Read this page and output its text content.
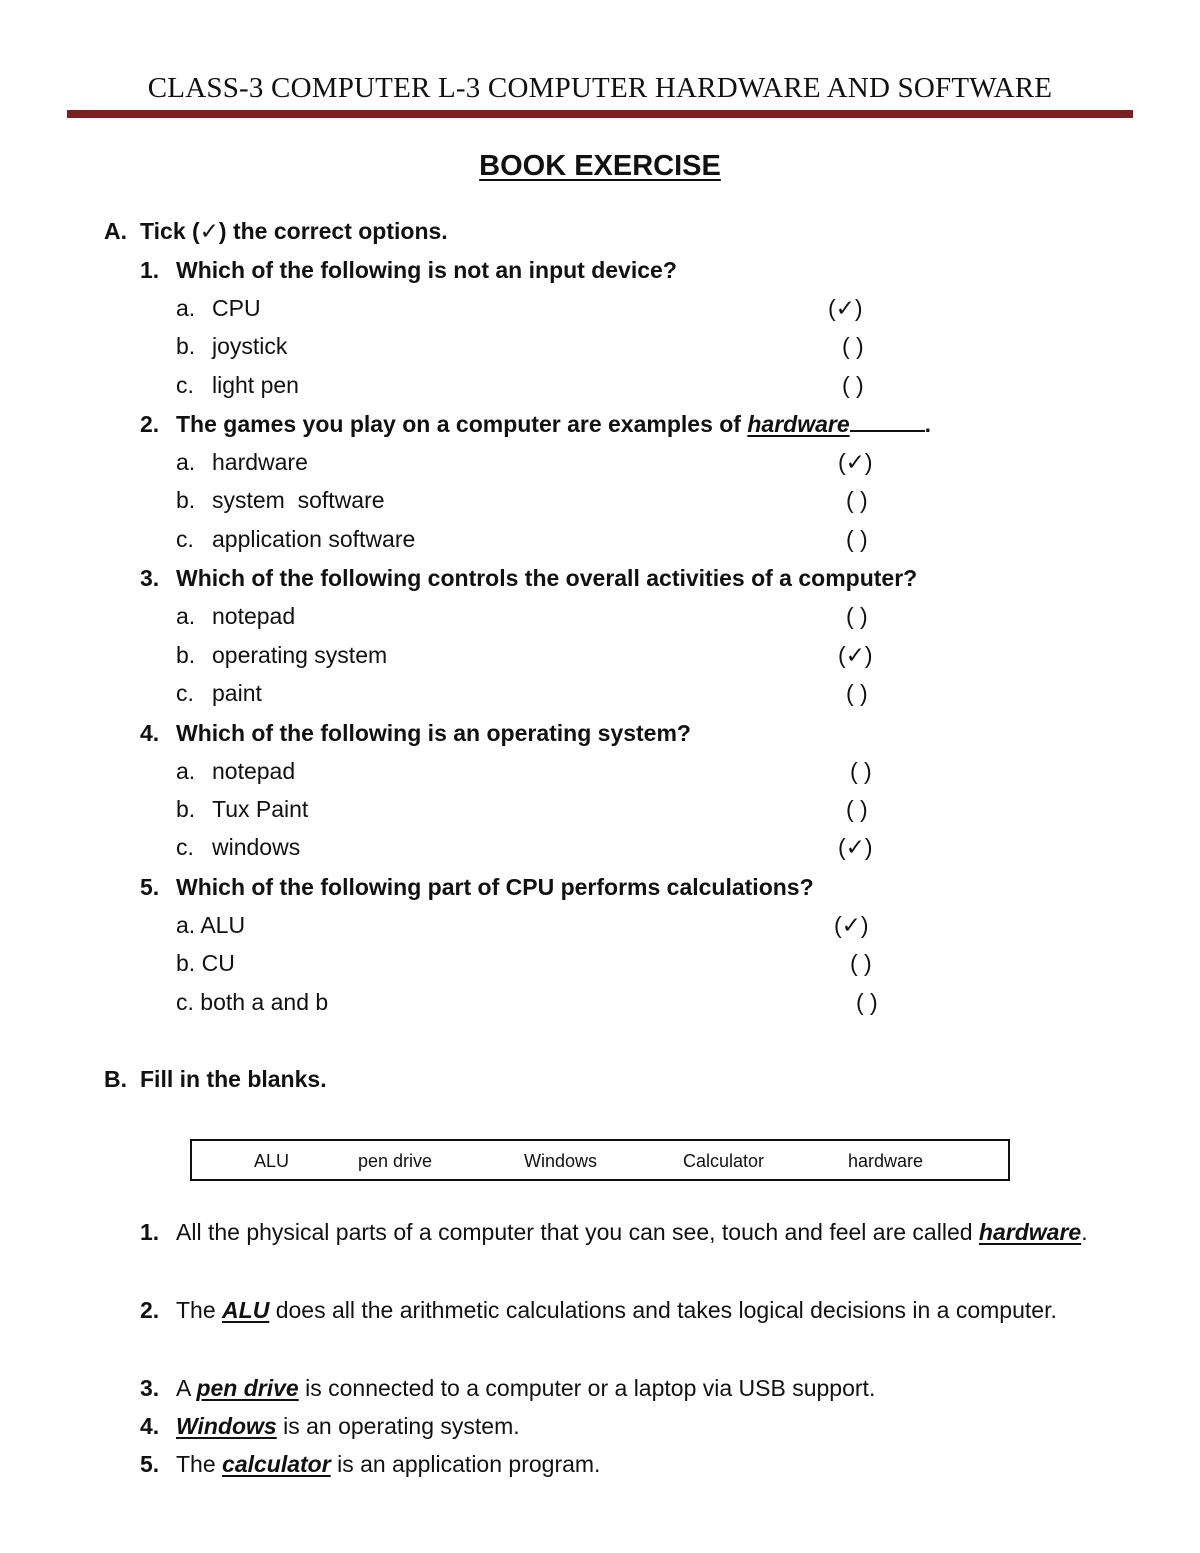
CLASS-3 COMPUTER L-3 COMPUTER HARDWARE AND SOFTWARE
BOOK EXERCISE
A. Tick (✓) the correct options.
1. Which of the following is not an input device?
a. CPU	(✓)
b. joystick	( )
c. light pen	( )
2. The games you play on a computer are examples of hardware	.
a. hardware	(✓)
b. system  software	( )
c. application software	( )
3. Which of the following controls the overall activities of a computer?
a. notepad	( )
b. operating system	(✓)
c. paint	( )
4. Which of the following is an operating system?
a. notepad	( )
b. Tux Paint	( )
c. windows	(✓)
5. Which of the following part of CPU performs calculations?
a. ALU	(✓)
b. CU	( )
c. both a and b	( )
B. Fill in the blanks.
ALU	pen drive	Windows	Calculator	hardware
1. All the physical parts of a computer that you can see, touch and feel are called hardware.
2. The ALU does all the arithmetic calculations and takes logical decisions in a computer.
3. A pen drive is connected to a computer or a laptop via USB support.
4. Windows is an operating system.
5. The calculator is an application program.
